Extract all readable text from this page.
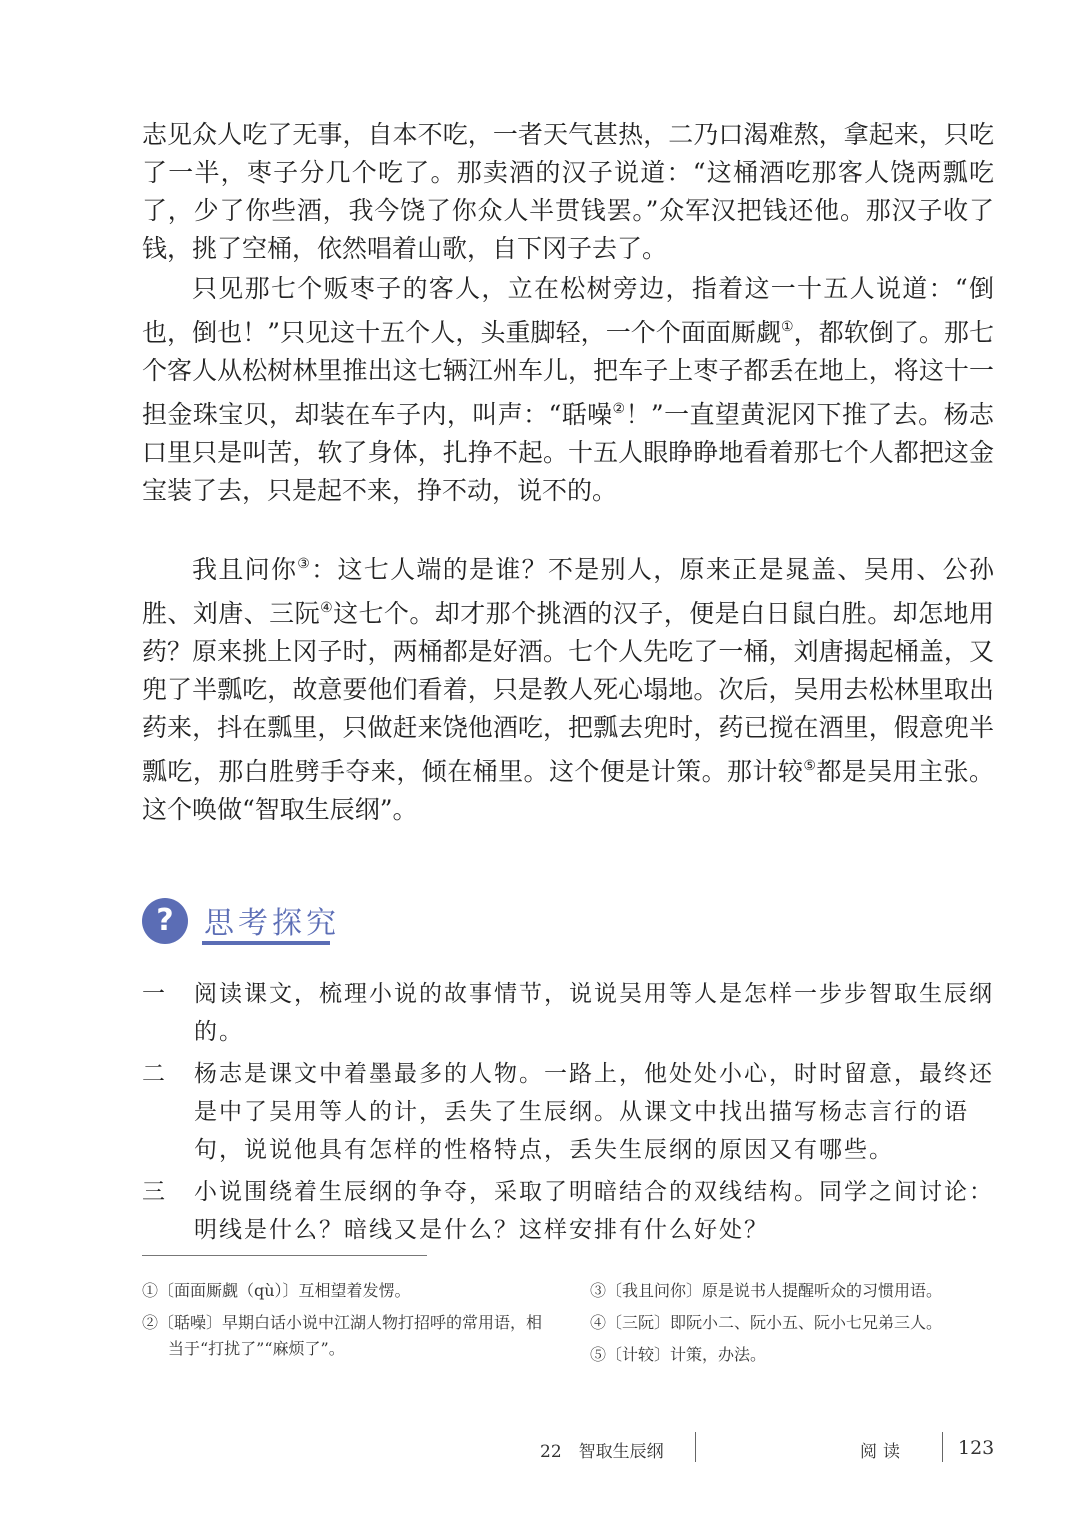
志见众人吃了无事，自本不吃，一者天气甚热，二乃口渴难熬，拿起来，只吃了一半，枣子分几个吃了。那卖酒的汉子说道：“这桶酒吃那客人饶两瓢吃了，少了你些酒，我今饶了你众人半贯钱罢。”众军汉把钱还他。那汉子收了钱，挑了空桶，依然唱着山歌，自下冈子去了。

只见那七个贩枣子的客人，立在松树旁边，指着这一十五人说道：“倒也，倒也！”只见这十五个人，头重脚轻，一个个面面厮觑①，都软倒了。那七个客人从松树林里推出这七辆江州车儿，把车子上枣子都丢在地上，将这十一担金珠宝贝，却装在车子内，叫声：“聒噪②！”一直望黄泥冈下推了去。杨志口里只是叫苦，软了身体，扎挣不起。十五人眼睁睁地看着那七个人都把这金宝装了去，只是起不来，挣不动，说不的。

我且问你③：这七人端的是谁？不是别人，原来正是晁盖、吴用、公孙胜、刘唐、三阮④这七个。却才那个挑酒的汉子，便是白日鼠白胜。却怎地用药？原来挑上冈子时，两桶都是好酒。七个人先吃了一桶，刘唐揭起桶盖，又兜了半瓢吃，故意要他们看着，只是教人死心塌地。次后，吴用去松林里取出药来，抖在瓢里，只做赶来饶他酒吃，把瓢去兜时，药已搅在酒里，假意兜半瓢吃，那白胜劈手夺来，倾在桶里。这个便是计策。那计较⑤都是吴用主张。这个唤做“智取生辰纲”。

?	思考探究
一 阅读课文，梳理小说的故事情节，说说吴用等人是怎样一步步智取生辰纲的。
二 杨志是课文中着墨最多的人物。一路上，他处处小心，时时留意，最终还是中了吴用等人的计，丢失了生辰纲。从课文中找出描写杨志言行的语句，说说他具有怎样的性格特点，丢失生辰纲的原因又有哪些。
三 小说围绕着生辰纲的争夺，采取了明暗结合的双线结构。同学之间讨论：明线是什么？暗线又是什么？这样安排有什么好处？

①〔面面厮觑（qù）〕互相望着发愣。

②〔聒噪〕早期白话小说中江湖人物打招呼的常用语，相当于“打扰了”“麻烦了”。

③〔我且问你〕原是说书人提醒听众的习惯用语。

④〔三阮〕即阮小二、阮小五、阮小七兄弟三人。

⑤〔计较〕计策，办法。

22　智取生辰纲	阅读	123
